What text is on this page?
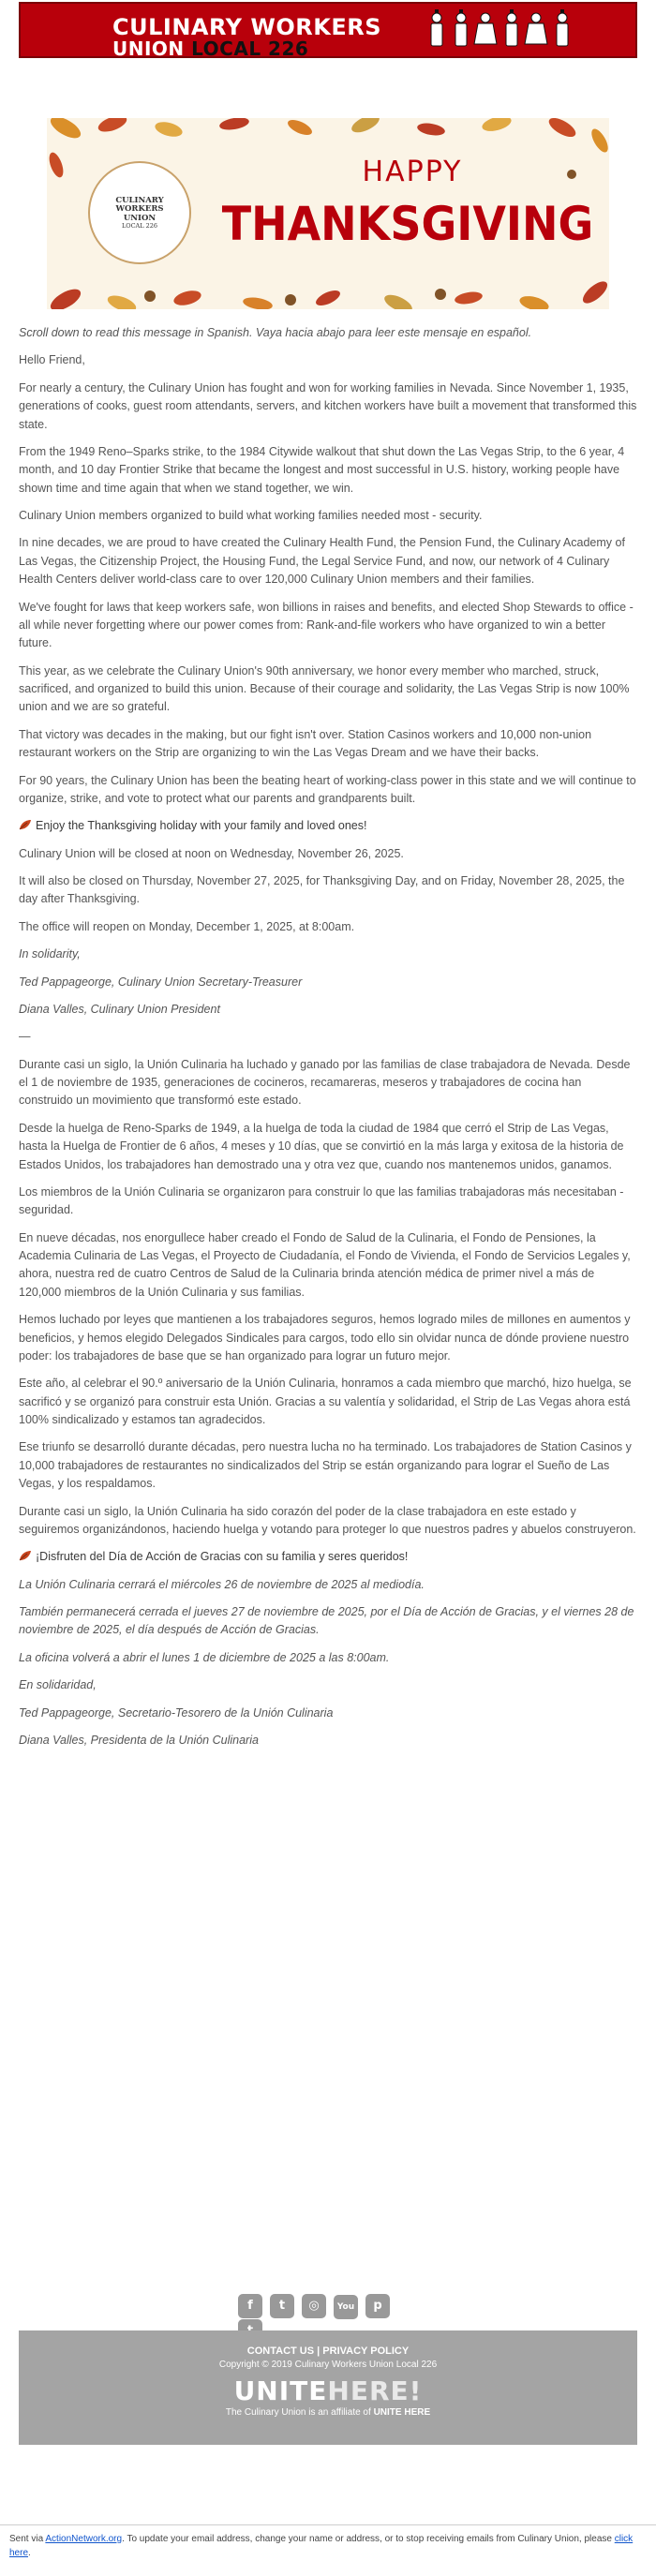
CULINARY WORKERS
UNION LOCAL 226
CULINARY
WORKERS UNION
LOCAL 226
HAPPY
THANKSGIVING

Scroll down to read this message in Spanish. Vaya hacia abajo para leer este mensaje en español.

Hello Friend,

For nearly a century, the Culinary Union has fought and won for working families in Nevada. Since November 1, 1935, generations of cooks, guest room attendants, servers, and kitchen workers have built a movement that transformed this state.

From the 1949 Reno–Sparks strike, to the 1984 Citywide walkout that shut down the Las Vegas Strip, to the 6 year, 4 month, and 10 day Frontier Strike that became the longest and most successful in U.S. history, working people have shown time and time again that when we stand together, we win.

Culinary Union members organized to build what working families needed most - security.

In nine decades, we are proud to have created the Culinary Health Fund, the Pension Fund, the Culinary Academy of Las Vegas, the Citizenship Project, the Housing Fund, the Legal Service Fund, and now, our network of 4 Culinary Health Centers deliver world-class care to over 120,000 Culinary Union members and their families.

We've fought for laws that keep workers safe, won billions in raises and benefits, and elected Shop Stewards to office - all while never forgetting where our power comes from: Rank-and-file workers who have organized to win a better future.

This year, as we celebrate the Culinary Union's 90th anniversary, we honor every member who marched, struck, sacrificed, and organized to build this union. Because of their courage and solidarity, the Las Vegas Strip is now 100% union and we are so grateful.

That victory was decades in the making, but our fight isn't over. Station Casinos workers and 10,000 non-union restaurant workers on the Strip are organizing to win the Las Vegas Dream and we have their backs.

For 90 years, the Culinary Union has been the beating heart of working-class power in this state and we will continue to organize, strike, and vote to protect what our parents and grandparents built.

Enjoy the Thanksgiving holiday with your family and loved ones!

Culinary Union will be closed at noon on Wednesday, November 26, 2025.

It will also be closed on Thursday, November 27, 2025, for Thanksgiving Day, and on Friday, November 28, 2025, the day after Thanksgiving.

The office will reopen on Monday, December 1, 2025, at 8:00am.

In solidarity,

Ted Pappageorge, Culinary Union Secretary-Treasurer

Diana Valles, Culinary Union President

—

Durante casi un siglo, la Unión Culinaria ha luchado y ganado por las familias de clase trabajadora de Nevada. Desde el 1 de noviembre de 1935, generaciones de cocineros, recamareras, meseros y trabajadores de cocina han construido un movimiento que transformó este estado.

Desde la huelga de Reno-Sparks de 1949, a la huelga de toda la ciudad de 1984 que cerró el Strip de Las Vegas, hasta la Huelga de Frontier de 6 años, 4 meses y 10 días, que se convirtió en la más larga y exitosa de la historia de Estados Unidos, los trabajadores han demostrado una y otra vez que, cuando nos mantenemos unidos, ganamos.

Los miembros de la Unión Culinaria se organizaron para construir lo que las familias trabajadoras más necesitaban - seguridad.

En nueve décadas, nos enorgullece haber creado el Fondo de Salud de la Culinaria, el Fondo de Pensiones, la Academia Culinaria de Las Vegas, el Proyecto de Ciudadanía, el Fondo de Vivienda, el Fondo de Servicios Legales y, ahora, nuestra red de cuatro Centros de Salud de la Culinaria brinda atención médica de primer nivel a más de 120,000 miembros de la Unión Culinaria y sus familias.

Hemos luchado por leyes que mantienen a los trabajadores seguros, hemos logrado miles de millones en aumentos y beneficios, y hemos elegido Delegados Sindicales para cargos, todo ello sin olvidar nunca de dónde proviene nuestro poder: los trabajadores de base que se han organizado para lograr un futuro mejor.

Este año, al celebrar el 90.º aniversario de la Unión Culinaria, honramos a cada miembro que marchó, hizo huelga, se sacrificó y se organizó para construir esta Unión. Gracias a su valentía y solidaridad, el Strip de Las Vegas ahora está 100% sindicalizado y estamos tan agradecidos.

Ese triunfo se desarrolló durante décadas, pero nuestra lucha no ha terminado. Los trabajadores de Station Casinos y 10,000 trabajadores de restaurantes no sindicalizados del Strip se están organizando para lograr el Sueño de Las Vegas, y los respaldamos.

Durante casi un siglo, la Unión Culinaria ha sido corazón del poder de la clase trabajadora en este estado y seguiremos organizándonos, haciendo huelga y votando para proteger lo que nuestros padres y abuelos construyeron.

¡Disfruten del Día de Acción de Gracias con su familia y seres queridos!

La Unión Culinaria cerrará el miércoles 26 de noviembre de 2025 al mediodía.

También permanecerá cerrada el jueves 27 de noviembre de 2025, por el Día de Acción de Gracias, y el viernes 28 de noviembre de 2025, el día después de Acción de Gracias.

La oficina volverá a abrir el lunes 1 de diciembre de 2025 a las 8:00am.

En solidaridad,

Ted Pappageorge, Secretario-Tesorero de la Unión Culinaria

Diana Valles, Presidenta de la Unión Culinaria

f t ◎ You p
CONTACT US | PRIVACY POLICY
Copyright © 2019 Culinary Workers Union Local 226
UNITEHERE!
The Culinary Union is an affiliate of UNITE HERE
Sent via ActionNetwork.org. To update your email address, change your name or address, or to stop receiving emails from Culinary Union, please click here.
